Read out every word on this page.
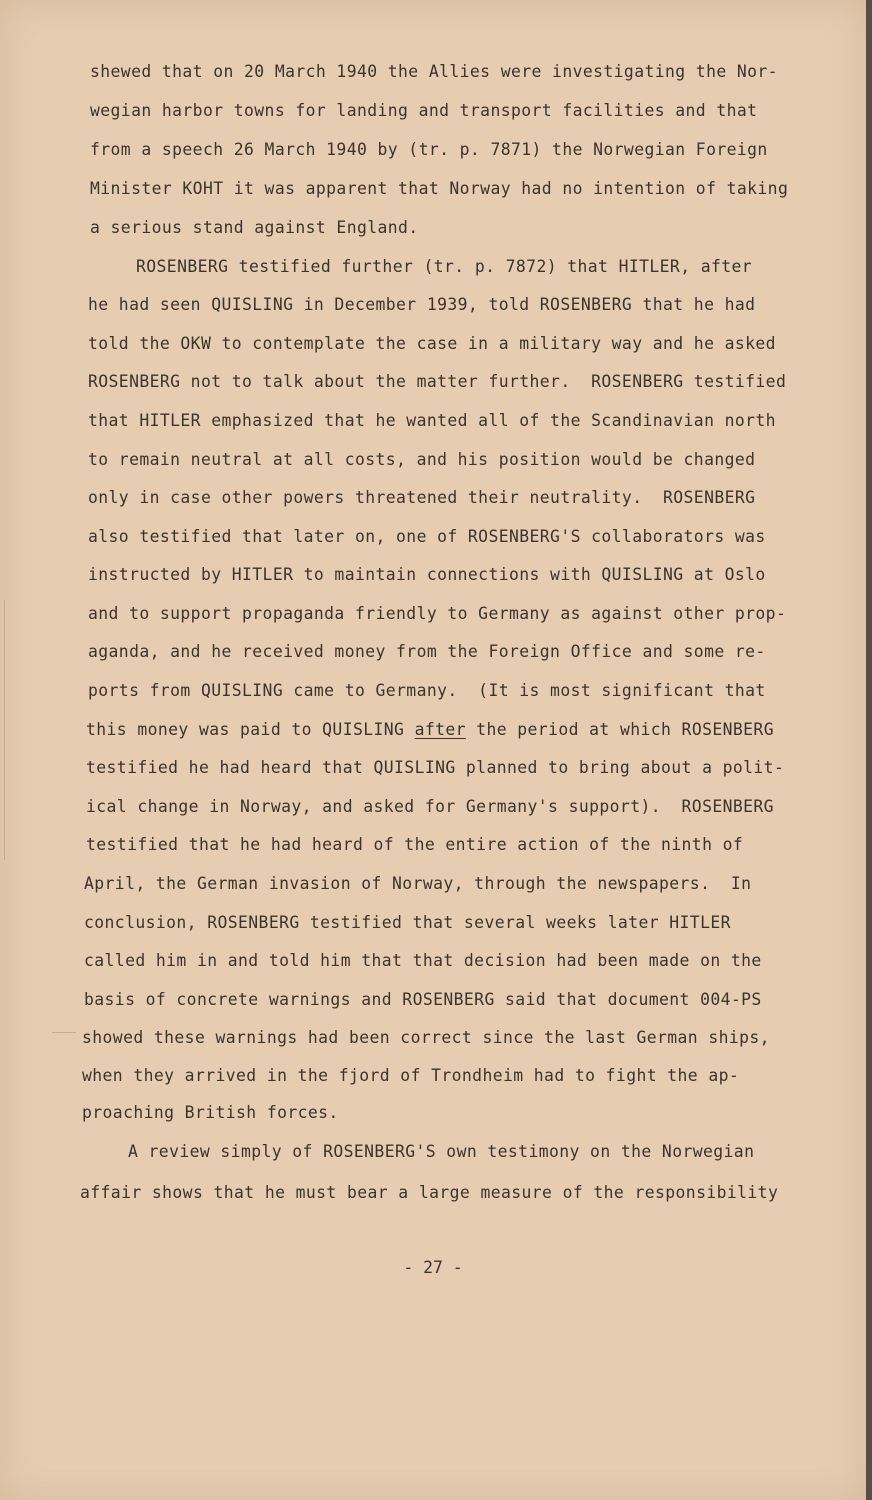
shewed that on 20 March 1940 the Allies were investigating the Nor-
wegian harbor towns for landing and transport facilities and that
from a speech 26 March 1940 by (tr. p. 7871) the Norwegian Foreign
Minister KOHT it was apparent that Norway had no intention of taking
a serious stand against England.
ROSENBERG testified further (tr. p. 7872) that HITLER, after
he had seen QUISLING in December 1939, told ROSENBERG that he had
told the OKW to contemplate the case in a military way and he asked
ROSENBERG not to talk about the matter further.  ROSENBERG testified
that HITLER emphasized that he wanted all of the Scandinavian north
to remain neutral at all costs, and his position would be changed
only in case other powers threatened their neutrality.  ROSENBERG
also testified that later on, one of ROSENBERG'S collaborators was
instructed by HITLER to maintain connections with QUISLING at Oslo
and to support propaganda friendly to Germany as against other prop-
aganda, and he received money from the Foreign Office and some re-
ports from QUISLING came to Germany.  (It is most significant that
this money was paid to QUISLING after the period at which ROSENBERG
testified he had heard that QUISLING planned to bring about a polit-
ical change in Norway, and asked for Germany's support).  ROSENBERG
testified that he had heard of the entire action of the ninth of
April, the German invasion of Norway, through the newspapers.  In
conclusion, ROSENBERG testified that several weeks later HITLER
called him in and told him that that decision had been made on the
basis of concrete warnings and ROSENBERG said that document 004-PS
showed these warnings had been correct since the last German ships,
when they arrived in the fjord of Trondheim had to fight the ap-
proaching British forces.
A review simply of ROSENBERG'S own testimony on the Norwegian
affair shows that he must bear a large measure of the responsibility
- 27 -
